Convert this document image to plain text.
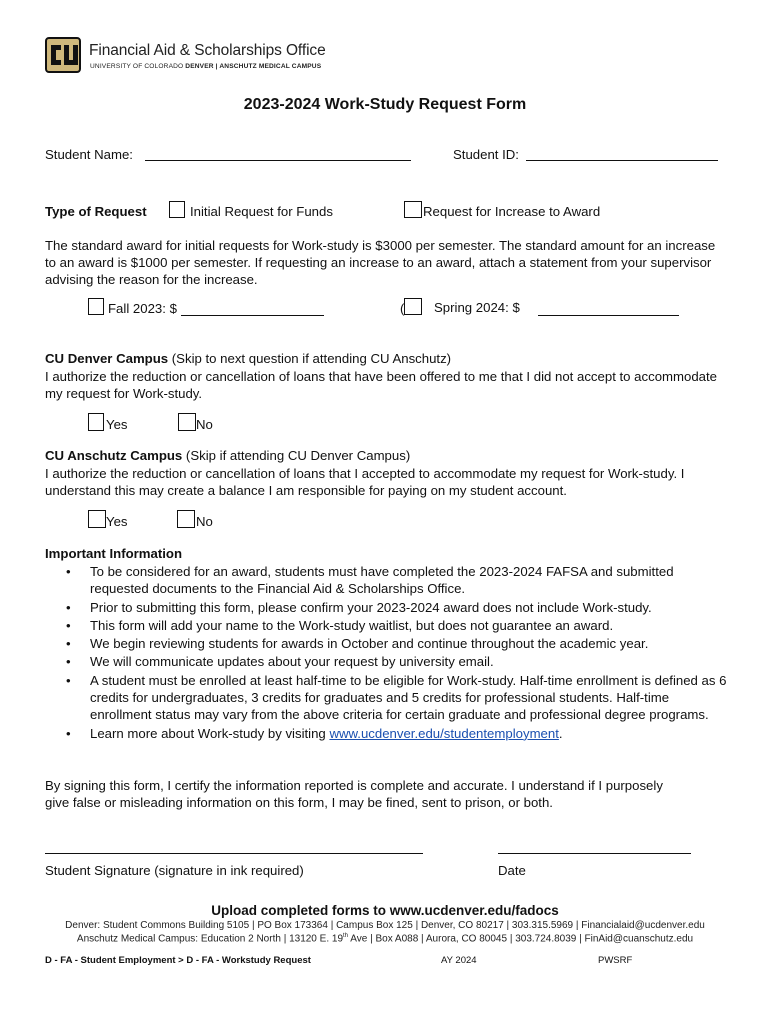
Financial Aid & Scholarships Office
UNIVERSITY OF COLORADO DENVER | ANSCHUTZ MEDICAL CAMPUS
2023-2024 Work-Study Request Form
Student Name:	Student ID:
Type of Request	Initial Request for Funds	Request for Increase to Award
The standard award for initial requests for Work-study is $3000 per semester. The standard amount for an increase to an award is $1000 per semester. If requesting an increase to an award, attach a statement from your supervisor advising the reason for the increase.
Fall 2023: $	( Spring 2024: $
CU Denver Campus (Skip to next question if attending CU Anschutz)
I authorize the reduction or cancellation of loans that have been offered to me that I did not accept to accommodate my request for Work-study.
Yes	No
CU Anschutz Campus (Skip if attending CU Denver Campus)
I authorize the reduction or cancellation of loans that I accepted to accommodate my request for Work-study. I understand this may create a balance I am responsible for paying on my student account.
Yes	No
Important Information
• To be considered for an award, students must have completed the 2023-2024 FAFSA and submitted requested documents to the Financial Aid & Scholarships Office.
• Prior to submitting this form, please confirm your 2023-2024 award does not include Work-study.
• This form will add your name to the Work-study waitlist, but does not guarantee an award.
• We begin reviewing students for awards in October and continue throughout the academic year.
• We will communicate updates about your request by university email.
• A student must be enrolled at least half-time to be eligible for Work-study. Half-time enrollment is defined as 6 credits for undergraduates, 3 credits for graduates and 5 credits for professional students. Half-time enrollment status may vary from the above criteria for certain graduate and professional degree programs.
• Learn more about Work-study by visiting www.ucdenver.edu/studentemployment.
By signing this form, I certify the information reported is complete and accurate. I understand if I purposely give false or misleading information on this form, I may be fined, sent to prison, or both.
Student Signature (signature in ink required)	Date
Upload completed forms to www.ucdenver.edu/fadocs
Denver: Student Commons Building 5105 | PO Box 173364 | Campus Box 125 | Denver, CO 80217 | 303.315.5969 | Financialaid@ucdenver.edu
Anschutz Medical Campus: Education 2 North | 13120 E. 19th Ave | Box A088 | Aurora, CO 80045 | 303.724.8039 | FinAid@cuanschutz.edu
D - FA - Student Employment > D - FA - Workstudy Request	AY 2024	PWSRF
